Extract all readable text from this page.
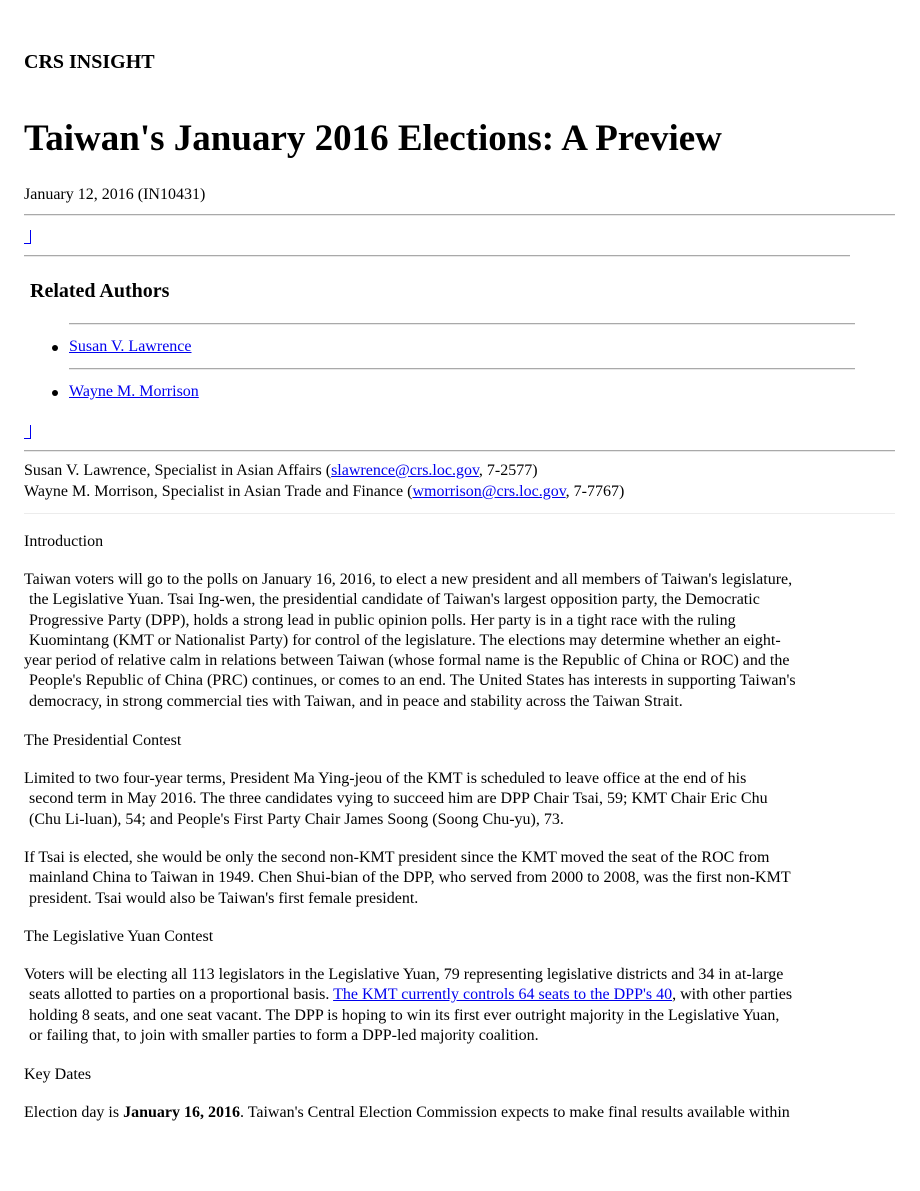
CRS INSIGHT
Taiwan's January 2016 Elections: A Preview
January 12, 2016 (IN10431)
Related Authors
Susan V. Lawrence
Wayne M. Morrison
Susan V. Lawrence, Specialist in Asian Affairs (slawrence@crs.loc.gov, 7-2577)
Wayne M. Morrison, Specialist in Asian Trade and Finance (wmorrison@crs.loc.gov, 7-7767)
Introduction
Taiwan voters will go to the polls on January 16, 2016, to elect a new president and all members of Taiwan's legislature,
the Legislative Yuan. Tsai Ing-wen, the presidential candidate of Taiwan's largest opposition party, the Democratic
Progressive Party (DPP), holds a strong lead in public opinion polls. Her party is in a tight race with the ruling
Kuomintang (KMT or Nationalist Party) for control of the legislature. The elections may determine whether an eight-
year period of relative calm in relations between Taiwan (whose formal name is the Republic of China or ROC) and the
People's Republic of China (PRC) continues, or comes to an end. The United States has interests in supporting Taiwan's
democracy, in strong commercial ties with Taiwan, and in peace and stability across the Taiwan Strait.
The Presidential Contest
Limited to two four-year terms, President Ma Ying-jeou of the KMT is scheduled to leave office at the end of his
second term in May 2016. The three candidates vying to succeed him are DPP Chair Tsai, 59; KMT Chair Eric Chu
(Chu Li-luan), 54; and People's First Party Chair James Soong (Soong Chu-yu), 73.
If Tsai is elected, she would be only the second non-KMT president since the KMT moved the seat of the ROC from
mainland China to Taiwan in 1949. Chen Shui-bian of the DPP, who served from 2000 to 2008, was the first non-KMT
president. Tsai would also be Taiwan's first female president.
The Legislative Yuan Contest
Voters will be electing all 113 legislators in the Legislative Yuan, 79 representing legislative districts and 34 in at-large
seats allotted to parties on a proportional basis. The KMT currently controls 64 seats to the DPP's 40, with other parties
holding 8 seats, and one seat vacant. The DPP is hoping to win its first ever outright majority in the Legislative Yuan,
or failing that, to join with smaller parties to form a DPP-led majority coalition.
Key Dates
Election day is January 16, 2016. Taiwan's Central Election Commission expects to make final results available within
